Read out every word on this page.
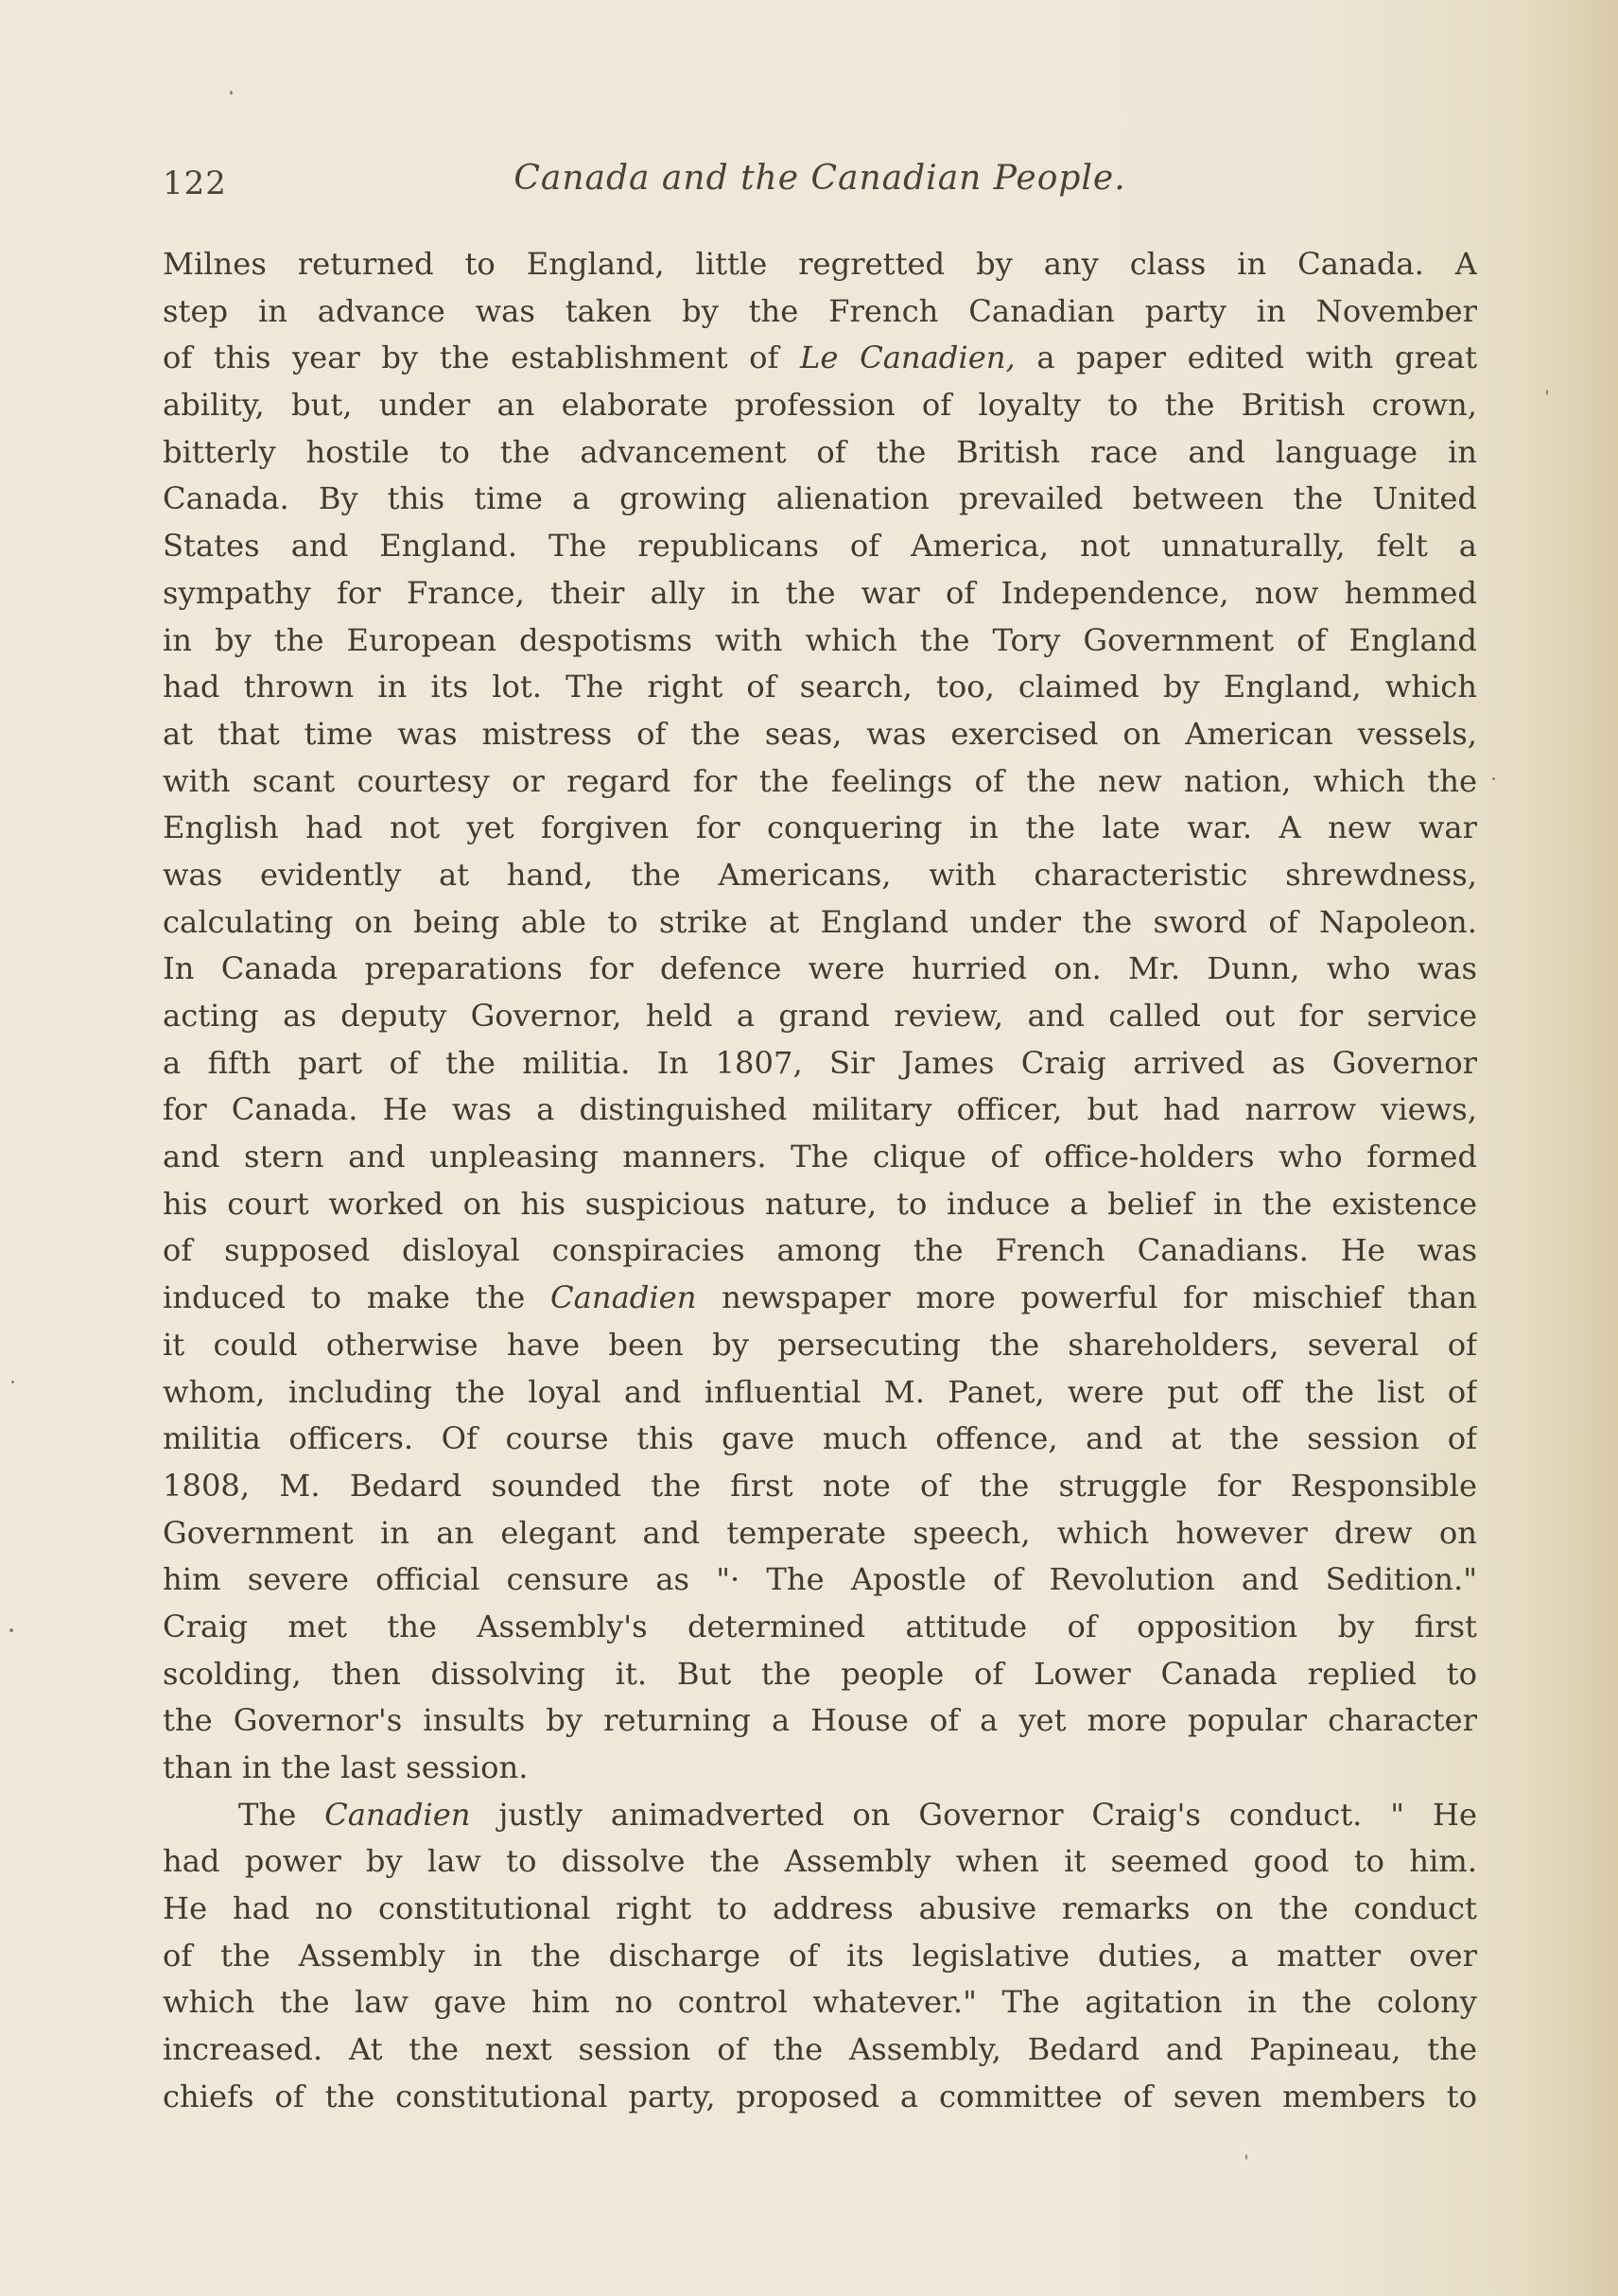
122	Canada and the Canadian People.
Milnes returned to England, little regretted by any class in Canada. A
step in advance was taken by the French Canadian party in November
of this year by the establishment of Le Canadien, a paper edited with great
ability, but, under an elaborate profession of loyalty to the British crown,
bitterly hostile to the advancement of the British race and language in
Canada. By this time a growing alienation prevailed between the United
States and England. The republicans of America, not unnaturally, felt a
sympathy for France, their ally in the war of Independence, now hemmed
in by the European despotisms with which the Tory Government of England
had thrown in its lot. The right of search, too, claimed by England, which
at that time was mistress of the seas, was exercised on American vessels,
with scant courtesy or regard for the feelings of the new nation, which the
English had not yet forgiven for conquering in the late war. A new war
was evidently at hand, the Americans, with characteristic shrewdness,
calculating on being able to strike at England under the sword of Napoleon.
In Canada preparations for defence were hurried on. Mr. Dunn, who was
acting as deputy Governor, held a grand review, and called out for service
a fifth part of the militia. In 1807, Sir James Craig arrived as Governor
for Canada. He was a distinguished military officer, but had narrow views,
and stern and unpleasing manners. The clique of office-holders who formed
his court worked on his suspicious nature, to induce a belief in the existence
of supposed disloyal conspiracies among the French Canadians. He was
induced to make the Canadien newspaper more powerful for mischief than
it could otherwise have been by persecuting the shareholders, several of
whom, including the loyal and influential M. Panet, were put off the list of
militia officers. Of course this gave much offence, and at the session of
1808, M. Bedard sounded the first note of the struggle for Responsible
Government in an elegant and temperate speech, which however drew on
him severe official censure as "· The Apostle of Revolution and Sedition."
Craig met the Assembly's determined attitude of opposition by first
scolding, then dissolving it. But the people of Lower Canada replied to
the Governor's insults by returning a House of a yet more popular character
than in the last session.
The Canadien justly animadverted on Governor Craig's conduct. " He
had power by law to dissolve the Assembly when it seemed good to him.
He had no constitutional right to address abusive remarks on the conduct
of the Assembly in the discharge of its legislative duties, a matter over
which the law gave him no control whatever." The agitation in the colony
increased. At the next session of the Assembly, Bedard and Papineau, the
chiefs of the constitutional party, proposed a committee of seven members to
